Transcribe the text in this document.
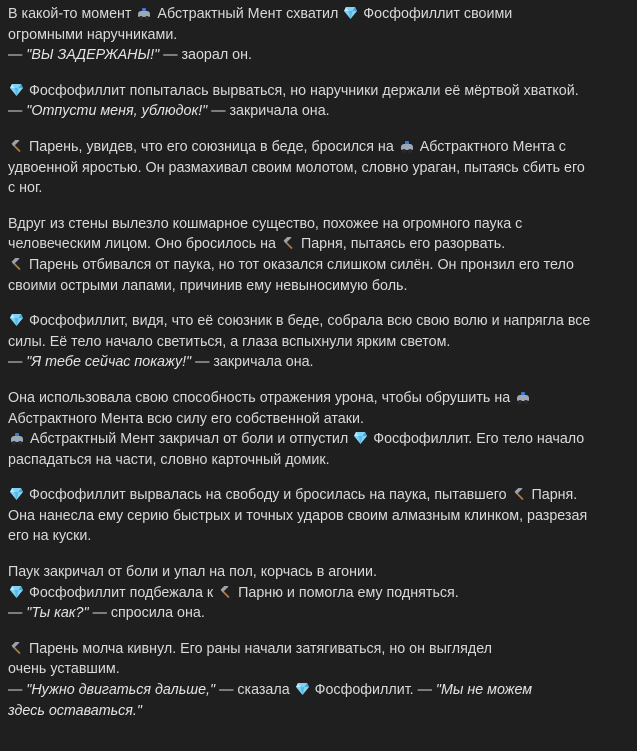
В какой-то момент
Абстрактный Мент схватил  Фосфофиллит своими
огромными наручниками.
— "ВЫ ЗАДЕРЖАНЫ!" — заорал он.
Фосфофиллит попыталась вырваться, но наручники держали её мёртвой хваткой.
— "Отпусти меня, ублюдок!" — закричала она.
Парень, увидев, что его союзница в беде, бросился на
Абстрактного Мента с
удвоенной яростью. Он размахивал своим молотом, словно ураган, пытаясь сбить его
с ног.
Вдруг из стены вылезло кошмарное существо, похожее на огромного паука с
человеческим лицом. Оно бросилось на  Парня, пытаясь его разорвать.
Парень отбивался от паука, но тот оказался слишком силён. Он пронзил его тело
своими острыми лапами, причинив ему невыносимую боль.
Фосфофиллит, видя, что её союзник в беде, собрала всю свою волю и напрягла все
силы. Её тело начало светиться, а глаза вспыхнули ярким светом.
— "Я тебе сейчас покажу!" — закричала она.
Она использовала свою способность отражения урона, чтобы обрушить на
Абстрактного Мента всю силу его собственной атаки.
Абстрактный Мент закричал от боли и отпустил  Фосфофиллит. Его тело начало
распадаться на части, словно карточный домик.
Фосфофиллит вырвалась на свободу и бросилась на паука, пытавшего  Парня.
Она нанесла ему серию быстрых и точных ударов своим алмазным клинком, разрезая
его на куски.
Паук закричал от боли и упал на пол, корчась в агонии.
Фосфофиллит подбежала к  Парню и помогла ему подняться.
— "Ты как?" — спросила она.
Парень молча кивнул. Его раны начали затягиваться, но он выглядел
очень уставшим.
— "Нужно двигаться дальше," — сказала  Фосфофиллит. — "Мы не можем
здесь оставаться."
